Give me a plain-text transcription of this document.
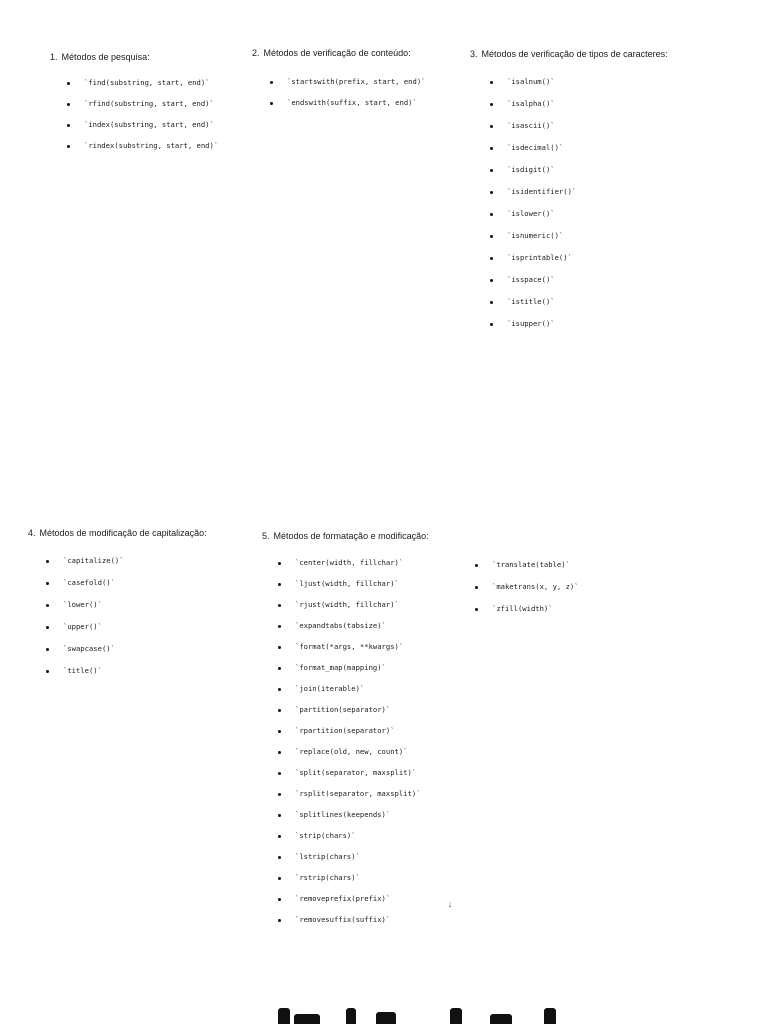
1. Métodos de pesquisa:
`find(substring, start, end)`
`rfind(substring, start, end)`
`index(substring, start, end)`
`rindex(substring, start, end)`
2. Métodos de verificação de conteúdo:
`startswith(prefix, start, end)`
`endswith(suffix, start, end)`
3. Métodos de verificação de tipos de caracteres:
`isalnum()`
`isalpha()`
`isascii()`
`isdecimal()`
`isdigit()`
`isidentifier()`
`islower()`
`isnumeric()`
`isprintable()`
`isspace()`
`istitle()`
`isupper()`
4. Métodos de modificação de capitalização:
`capitalize()`
`casefold()`
`lower()`
`upper()`
`swapcase()`
`title()`
5. Métodos de formatação e modificação:
`center(width, fillchar)`
`ljust(width, fillchar)`
`rjust(width, fillchar)`
`expandtabs(tabsize)`
`format(*args, **kwargs)`
`format_map(mapping)`
`join(iterable)`
`partition(separator)`
`rpartition(separator)`
`replace(old, new, count)`
`split(separator, maxsplit)`
`rsplit(separator, maxsplit)`
`splitlines(keepends)`
`strip(chars)`
`lstrip(chars)`
`rstrip(chars)`
`removeprefix(prefix)`
`removesuffix(suffix)`
`translate(table)`
`maketrans(x, y, z)`
`zfill(width)`
↓
